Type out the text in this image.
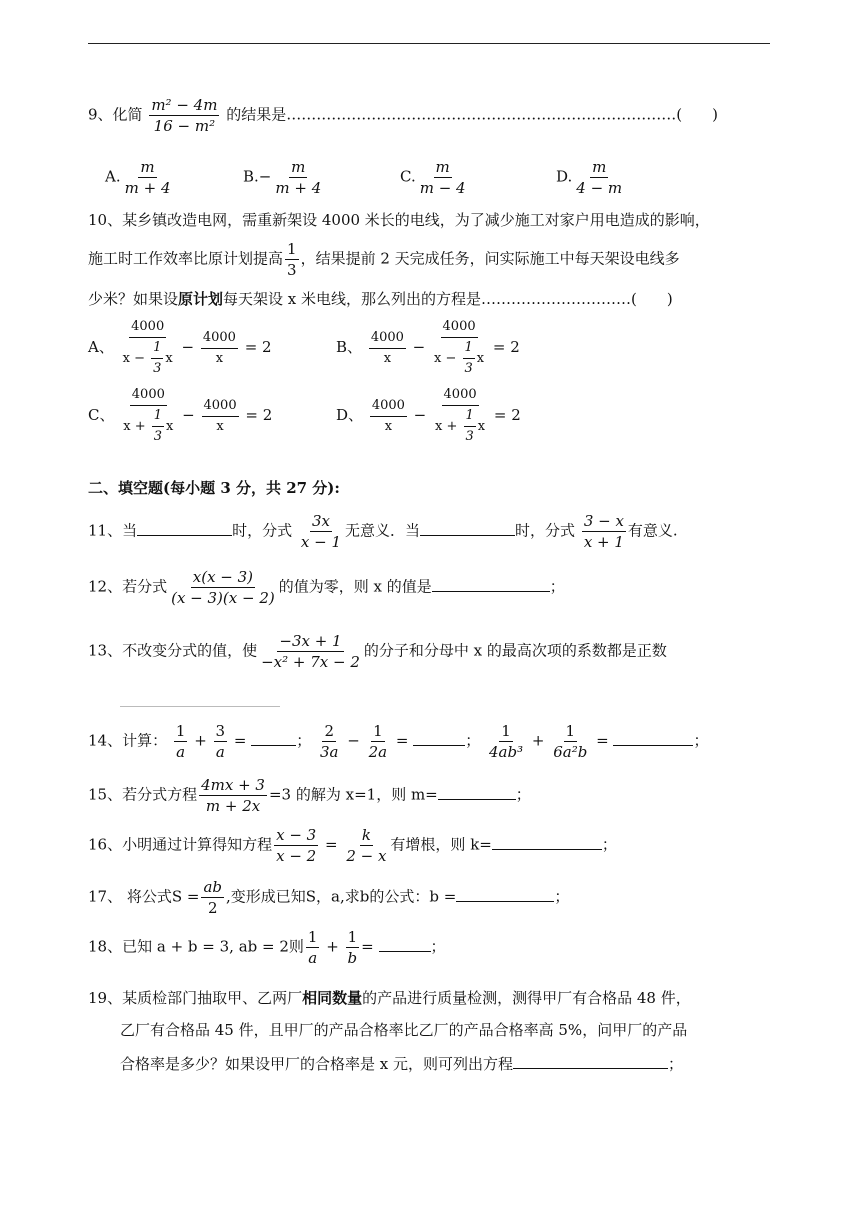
9、化简 $\frac{\text{m² − 4m}}{\text{16 − m²}}$ 的结果是……………………………………………………………………(　　)
A. $\frac{m}{m + 4}$	$B.- \frac{m}{m + 4}$	C. $\frac{m}{m - 4}$	D. $\frac{m}{4 - m}$
10、某乡镇改造电网，需重新架设 4000 米长的电线，为了减少施工对家户用电造成的影响，
施工时工作效率比原计划提高 $\frac{1}{3}$ ，结果提前 2 天完成任务，问实际施工中每天架设电线多
少米？如果设原计划每天架设 x 米电线，那么列出的方程是…………………………(　　)
A、 $\frac{4000}{x - \frac{1}{3} x} - \frac{4000}{x} = 2$	B、 $\frac{4000}{x} - \frac{4000}{x - \frac{1}{3} x} = 2$
C、 $\frac{4000}{x + \frac{1}{3} x} - \frac{4000}{x} = 2$	D、 $\frac{4000}{x} - \frac{4000}{x + \frac{1}{3} x} = 2$
二、填空题(每小题 3 分，共 27 分):
11、当	时，分式 $\frac{3x}{x - 1}$ 无意义．当	时，分式 $\frac{3 - x}{x + 1}$ 有意义.
12、若分式 $\frac{x(x - 3)}{(x - 3)(x - 2)}$ 的值为零，则 x 的值是	；
13、不改变分式的值，使 $\frac{-3x + 1}{\text{−x² + 7x − 2}}$ 的分子和分母中 x 的最高次项的系数都是正数
14、计算： $\frac{1}{a} + \frac{3}{a}$ =	； $\frac{2}{3a} - \frac{1}{2a}$ =	； $\frac{1}{\text{4ab³}} + \frac{1}{\text{6a²b}}$ =	；
15、若分式方程 $\frac{4mx + 3}{m + 2x} =3$ 的解为 x=1，则 m=	；
16、小明通过计算得知方程 $\frac{x - 3}{x - 2} = \frac{k}{2 - x}$ 有增根，则 k=	；
17、 将公式$S = \frac{ab}{2}$ ,变形成已知S，a,求b的公式：b =	；
18、已知 a + b = 3, ab = 2则 $\frac{1}{a} + \frac{1}{b}$ =	；
19、某质检部门抽取甲、乙两厂相同数量的产品进行质量检测，测得甲厂有合格品 48 件，
乙厂有合格品 45 件，且甲厂的产品合格率比乙厂的产品合格率高 5%，问甲厂的产品
合格率是多少？如果设甲厂的合格率是 x 元，则可列出方程	；
